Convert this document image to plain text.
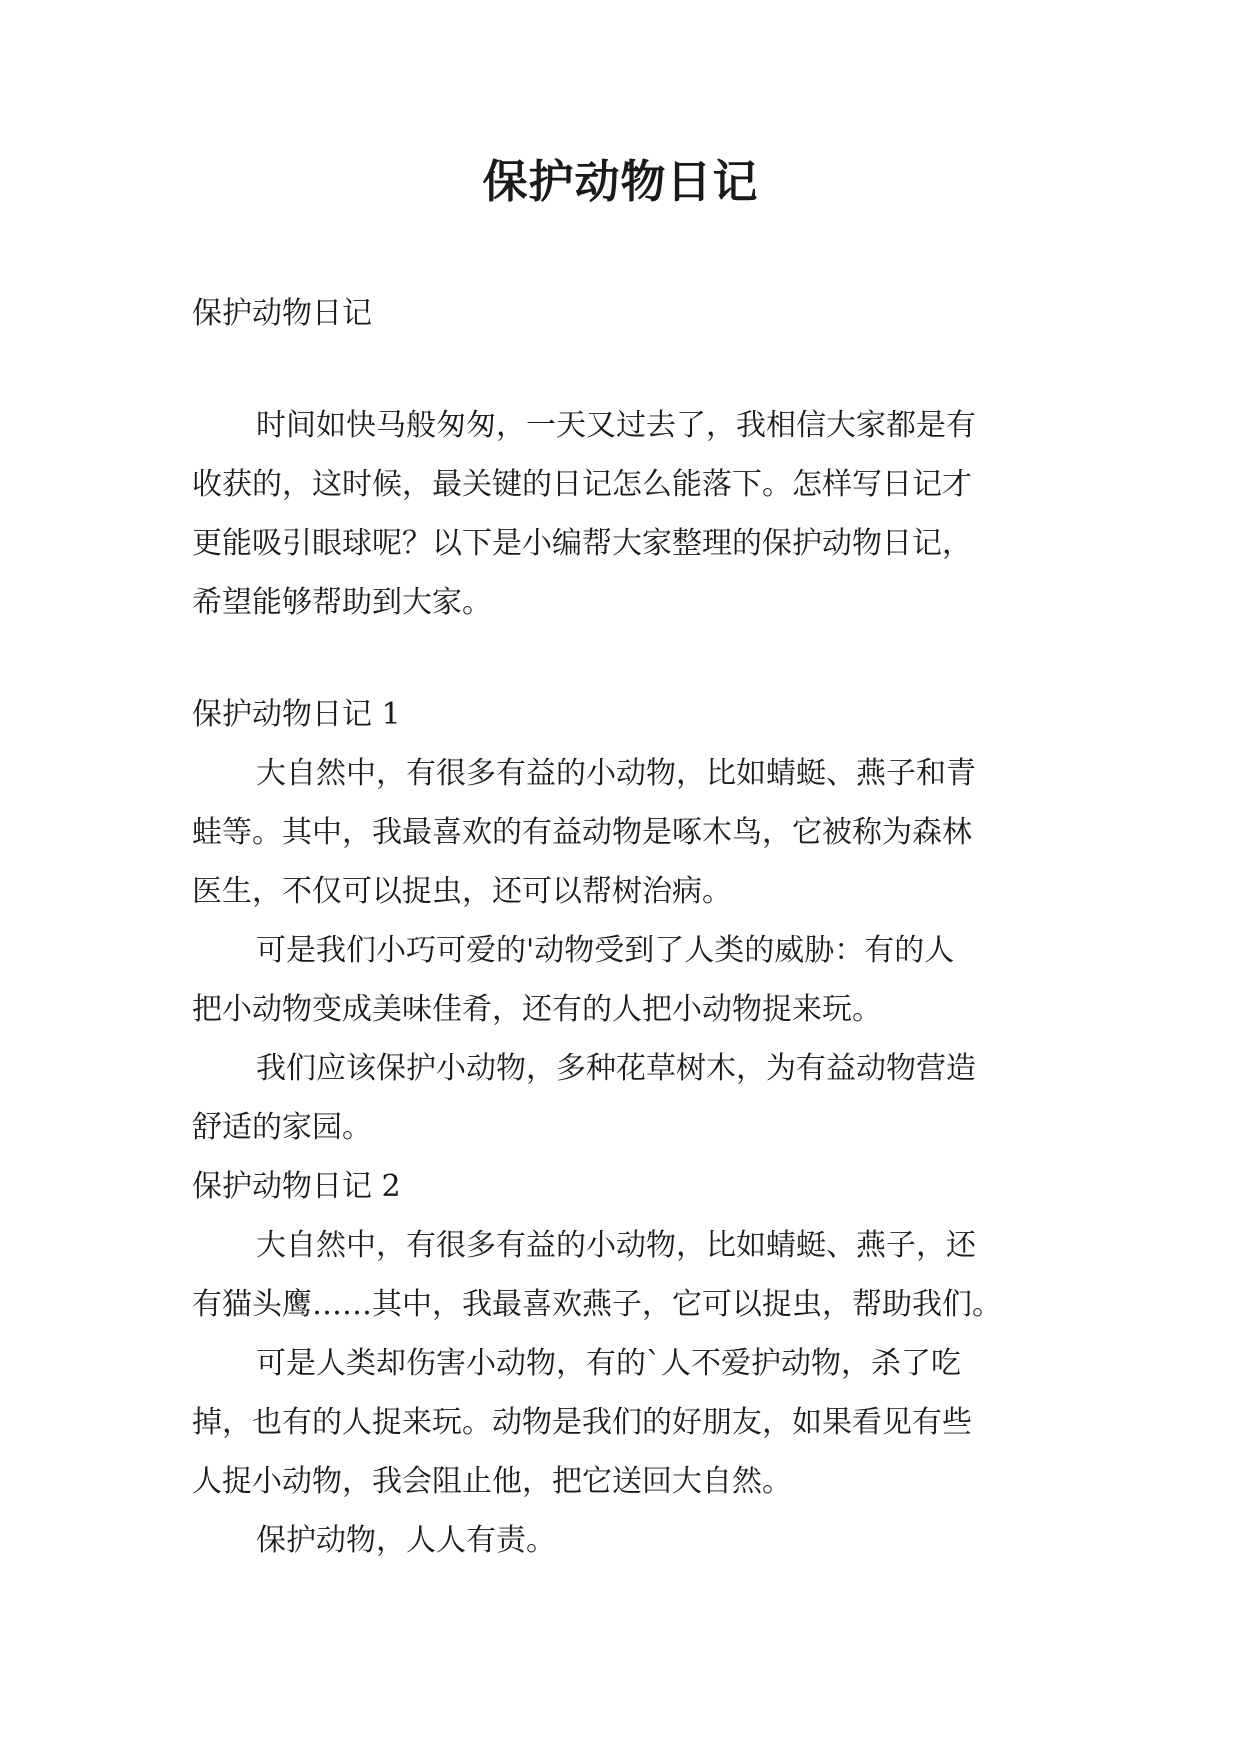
保护动物日记
保护动物日记
时间如快马般匆匆，一天又过去了，我相信大家都是有
收获的，这时候，最关键的日记怎么能落下。怎样写日记才
更能吸引眼球呢？以下是小编帮大家整理的保护动物日记，
希望能够帮助到大家。
保护动物日记 1
大自然中，有很多有益的小动物，比如蜻蜓、燕子和青
蛙等。其中，我最喜欢的有益动物是啄木鸟，它被称为森林
医生，不仅可以捉虫，还可以帮树治病。
可是我们小巧可爱的'动物受到了人类的威胁：有的人
把小动物变成美味佳肴，还有的人把小动物捉来玩。
我们应该保护小动物，多种花草树木，为有益动物营造
舒适的家园。
保护动物日记 2
大自然中，有很多有益的小动物，比如蜻蜓、燕子，还
有猫头鹰……其中，我最喜欢燕子，它可以捉虫，帮助我们。
可是人类却伤害小动物，有的`人不爱护动物，杀了吃
掉，也有的人捉来玩。动物是我们的好朋友，如果看见有些
人捉小动物，我会阻止他，把它送回大自然。
保护动物，人人有责。
